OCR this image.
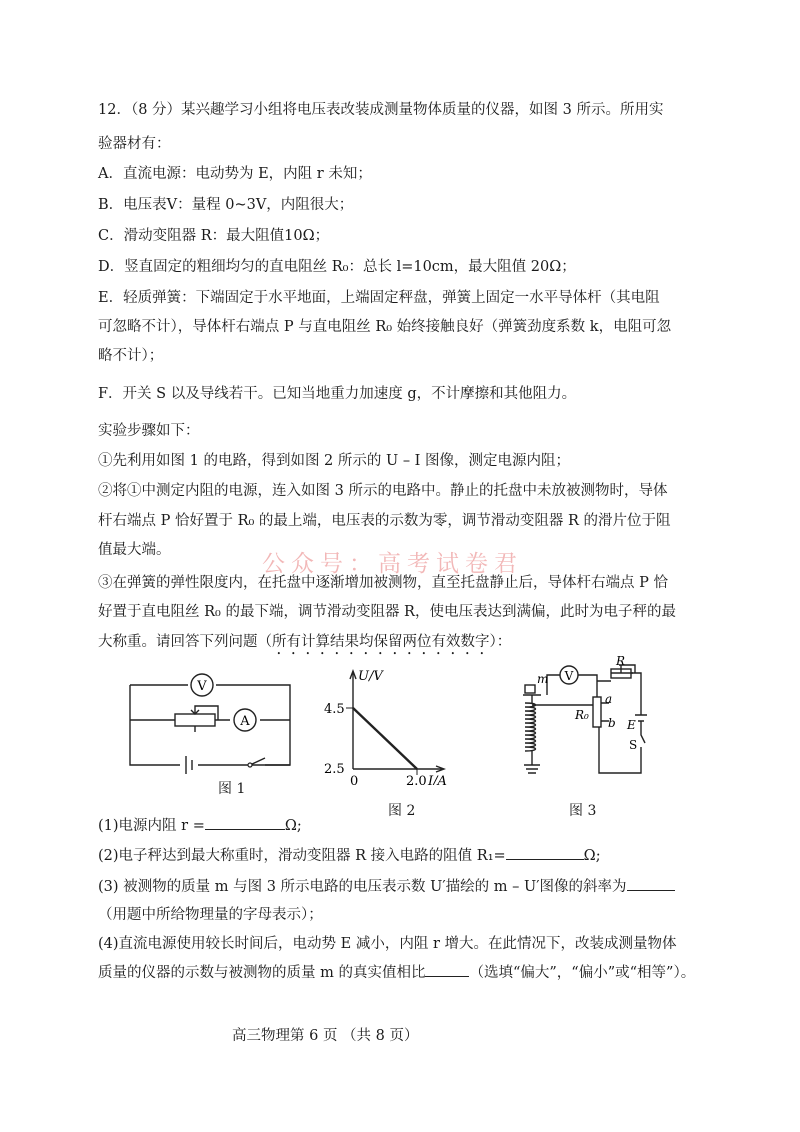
12．（8 分）某兴趣学习小组将电压表改装成测量物体质量的仪器，如图 3 所示。所用实
验器材有：
A．直流电源：电动势为 E，内阻 r 未知；
B．电压表Ⅴ：量程 0~3V，内阻很大；
C．滑动变阻器 R：最大阻值10Ω；
D．竖直固定的粗细均匀的直电阻丝 R₀：总长 l=10cm，最大阻值 20Ω；
E．轻质弹簧：下端固定于水平地面，上端固定秤盘，弹簧上固定一水平导体杆（其电阻
可忽略不计），导体杆右端点 P 与直电阻丝 R₀ 始终接触良好（弹簧劲度系数 k，电阻可忽
略不计）；
F．开关 S 以及导线若干。已知当地重力加速度 g，不计摩擦和其他阻力。
实验步骤如下：
①先利用如图 1 的电路，得到如图 2 所示的 U – I 图像，测定电源内阻；
②将①中测定内阻的电源，连入如图 3 所示的电路中。静止的托盘中未放被测物时，导体
杆右端点 P 恰好置于 R₀ 的最上端，电压表的示数为零，调节滑动变阻器 R 的滑片位于阻
值最大端。
公众号：高考试卷君
③在弹簧的弹性限度内，在托盘中逐渐增加被测物，直至托盘静止后，导体杆右端点 P 恰
好置于直电阻丝 R₀ 的最下端，调节滑动变阻器 R，使电压表达到满偏，此时为电子秤的最
大称重。请回答下列问题（所有计算结果均保留两位有效数字）：
V
A
图 1
U/V
I/A
4.5
2.5
0	2.0
图 2
V
m
R
a
b
R₀
E
S
图 3
(1)电源内阻 r =	Ω;
(2)电子秤达到最大称重时，滑动变阻器 R 接入电路的阻值 R₁=	Ω;
(3) 被测物的质量 m 与图 3 所示电路的电压表示数 U′描绘的 m – U′图像的斜率为
（用题中所给物理量的字母表示）；
(4)直流电源使用较长时间后，电动势 E 减小，内阻 r 增大。在此情况下，改装成测量物体
质量的仪器的示数与被测物的质量 m 的真实值相比	（选填“偏大”，“偏小”或“相等”）。
高三物理第 6 页 （共 8 页）
